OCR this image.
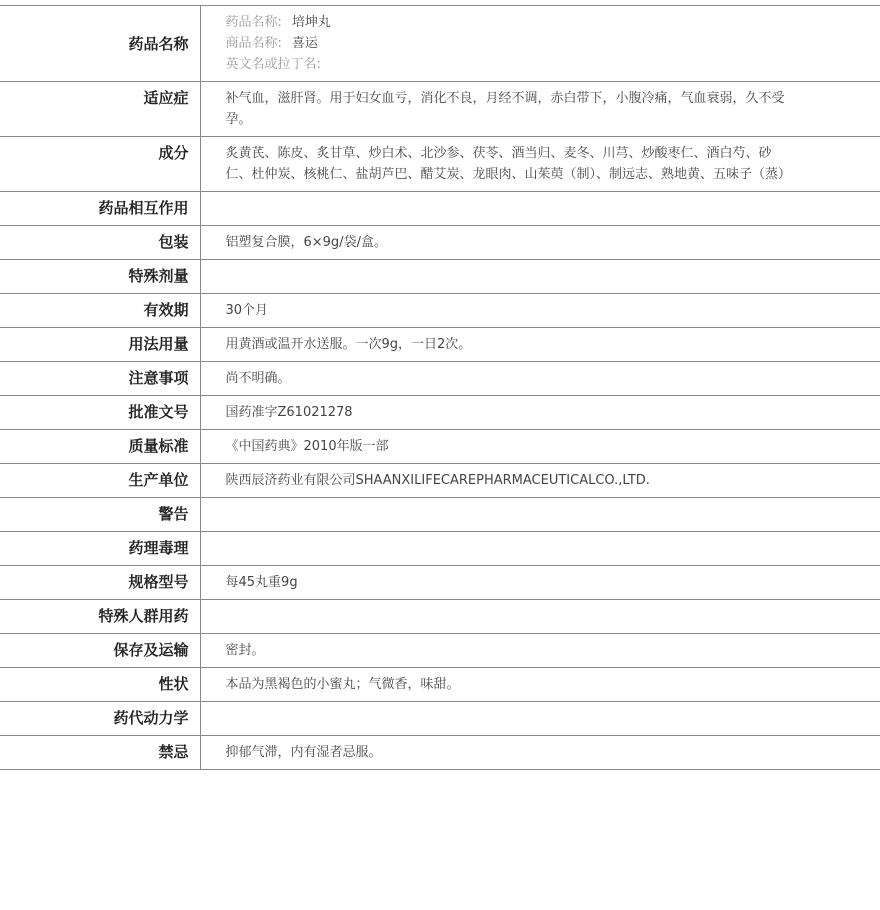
药品名称	药品名称: 培坤丸
商品名称: 喜运
英文名或拉丁名:

适应症	补气血，滋肝肾。用于妇女血亏，消化不良，月经不调，赤白带下，小腹冷痛，气血衰弱，久不受孕。
成分	炙黄芪、陈皮、炙甘草、炒白术、北沙参、茯苓、酒当归、麦冬、川芎、炒酸枣仁、酒白芍、砂仁、杜仲炭、核桃仁、盐胡芦巴、醋艾炭、龙眼肉、山茱萸（制）、制远志、熟地黄、五味子（蒸）
药品相互作用	
包装	铝塑复合膜，6×9g/袋/盒。
特殊剂量	
有效期	30个月
用法用量	用黄酒或温开水送服。一次9g，一日2次。
注意事项	尚不明确。
批准文号	国药准字Z61021278
质量标准	《中国药典》2010年版一部
生产单位	陕西辰济药业有限公司SHAANXILIFECAREPHARMACEUTICALCO.,LTD.
警告	
药理毒理	
规格型号	每45丸重9g
特殊人群用药	
保存及运输	密封。
性状	本品为黑褐色的小蜜丸；气微香，味甜。
药代动力学	
禁忌	抑郁气滞，内有湿者忌服。
